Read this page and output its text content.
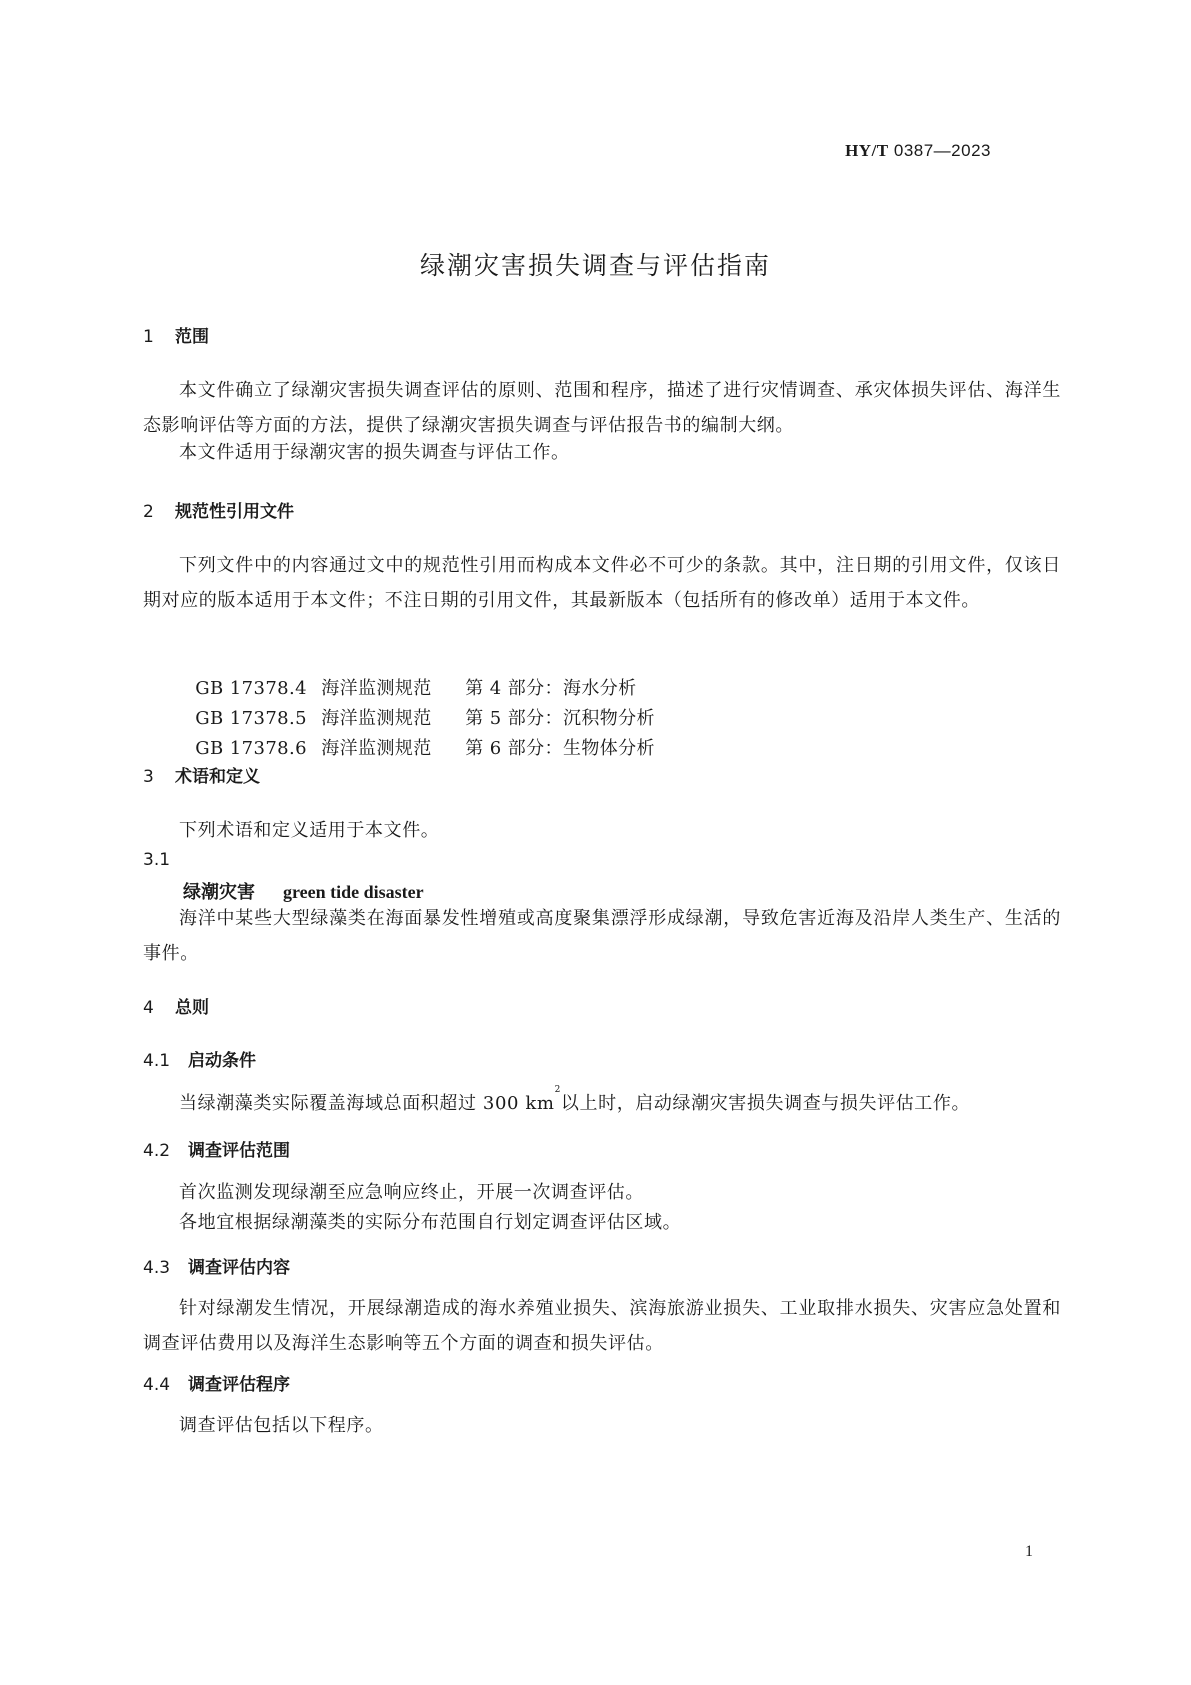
HY/T 0387—2023
绿潮灾害损失调查与评估指南
1 范围
本文件确立了绿潮灾害损失调查评估的原则、范围和程序，描述了进行灾情调查、承灾体损失评估、海洋生态影响评估等方面的方法，提供了绿潮灾害损失调查与评估报告书的编制大纲。
本文件适用于绿潮灾害的损失调查与评估工作。
2 规范性引用文件
下列文件中的内容通过文中的规范性引用而构成本文件必不可少的条款。其中，注日期的引用文件，仅该日期对应的版本适用于本文件；不注日期的引用文件，其最新版本（包括所有的修改单）适用于本文件。

GB 17378.4 海洋监测规范 第 4 部分：海水分析

GB 17378.5 海洋监测规范 第 5 部分：沉积物分析

GB 17378.6 海洋监测规范 第 6 部分：生物体分析

3 术语和定义
下列术语和定义适用于本文件。
3.1
绿潮灾害 green tide disaster
海洋中某些大型绿藻类在海面暴发性增殖或高度聚集漂浮形成绿潮，导致危害近海及沿岸人类生产、生活的事件。
4 总则
4.1 启动条件
当绿潮藻类实际覆盖海域总面积超过 300 $km^2$以上时，启动绿潮灾害损失调查与损失评估工作。
4.2 调查评估范围
首次监测发现绿潮至应急响应终止，开展一次调查评估。
各地宜根据绿潮藻类的实际分布范围自行划定调查评估区域。
4.3 调查评估内容
针对绿潮发生情况，开展绿潮造成的海水养殖业损失、滨海旅游业损失、工业取排水损失、灾害应急处置和调查评估费用以及海洋生态影响等五个方面的调查和损失评估。
4.4 调查评估程序
调查评估包括以下程序。
1
